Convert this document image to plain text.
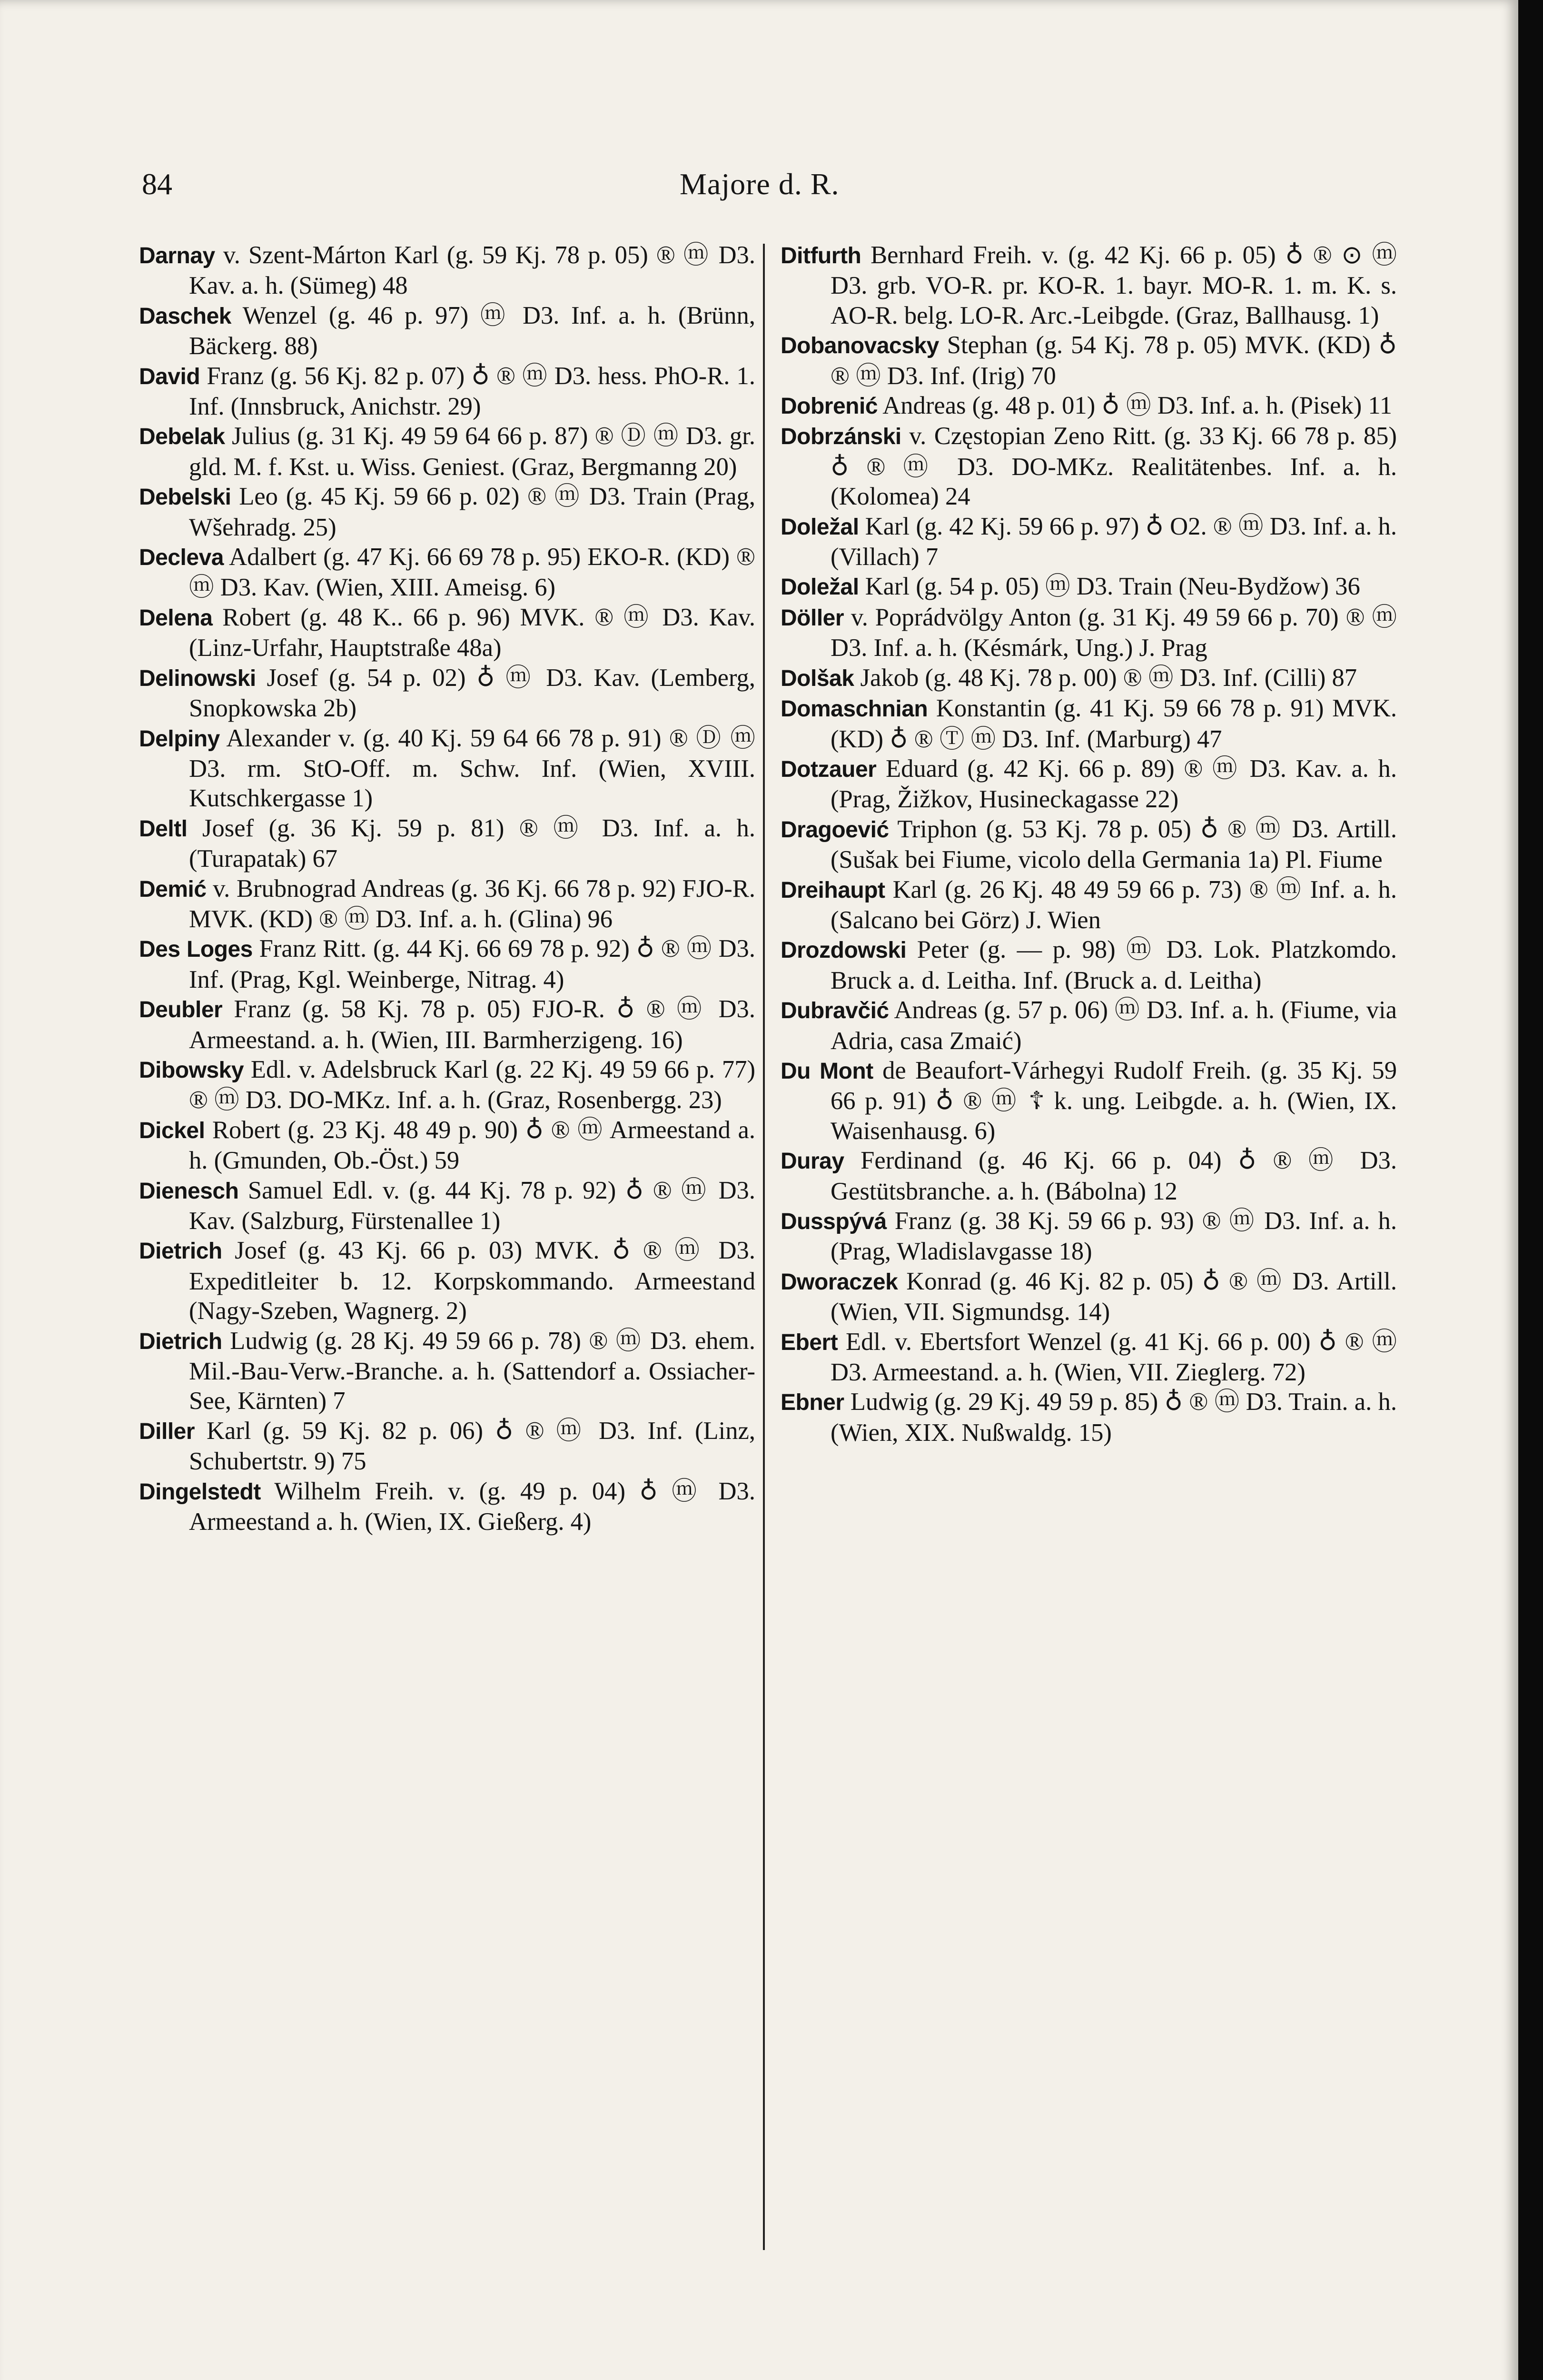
84	Majore d. R.

Darnay v. Szent-Márton Karl (g. 59 Kj. 78 p. 05) ® ⓜ D3. Kav. a. h. (Sümeg) 48

Daschek Wenzel (g. 46 p. 97) ⓜ D3. Inf. a. h. (Brünn, Bäckerg. 88)

David Franz (g. 56 Kj. 82 p. 07) ♁ ® ⓜ D3. hess. PhO-R. 1. Inf. (Innsbruck, Anichstr. 29)

Debelak Julius (g. 31 Kj. 49 59 64 66 p. 87) ® Ⓓ ⓜ D3. gr. gld. M. f. Kst. u. Wiss. Geniest. (Graz, Bergmanng 20)

Debelski Leo (g. 45 Kj. 59 66 p. 02) ® ⓜ D3. Train (Prag, Wšehradg. 25)

Decleva Adalbert (g. 47 Kj. 66 69 78 p. 95) EKO-R. (KD) ® ⓜ D3. Kav. (Wien, XIII. Ameisg. 6)

Delena Robert (g. 48 K.. 66 p. 96) MVK. ® ⓜ D3. Kav. (Linz-Urfahr, Hauptstraße 48a)

Delinowski Josef (g. 54 p. 02) ♁ ⓜ D3. Kav. (Lemberg, Snopkowska 2b)

Delpiny Alexander v. (g. 40 Kj. 59 64 66 78 p. 91) ® Ⓓ ⓜ D3. rm. StO-Off. m. Schw. Inf. (Wien, XVIII. Kutschkergasse 1)

Deltl Josef (g. 36 Kj. 59 p. 81) ® ⓜ D3. Inf. a. h. (Turapatak) 67

Demić v. Brubnograd Andreas (g. 36 Kj. 66 78 p. 92) FJO-R. MVK. (KD) ® ⓜ D3. Inf. a. h. (Glina) 96

Des Loges Franz Ritt. (g. 44 Kj. 66 69 78 p. 92) ♁ ® ⓜ D3. Inf. (Prag, Kgl. Weinberge, Nitrag. 4)

Deubler Franz (g. 58 Kj. 78 p. 05) FJO-R. ♁ ® ⓜ D3. Armeestand. a. h. (Wien, III. Barmherzigeng. 16)

Dibowsky Edl. v. Adelsbruck Karl (g. 22 Kj. 49 59 66 p. 77) ® ⓜ D3. DO-MKz. Inf. a. h. (Graz, Rosenbergg. 23)

Dickel Robert (g. 23 Kj. 48 49 p. 90) ♁ ® ⓜ Armeestand a. h. (Gmunden, Ob.-Öst.) 59

Dienesch Samuel Edl. v. (g. 44 Kj. 78 p. 92) ♁ ® ⓜ D3. Kav. (Salzburg, Fürstenallee 1)

Dietrich Josef (g. 43 Kj. 66 p. 03) MVK. ♁ ® ⓜ D3. Expeditleiter b. 12. Korpskommando. Armeestand (Nagy-Szeben, Wagnerg. 2)

Dietrich Ludwig (g. 28 Kj. 49 59 66 p. 78) ® ⓜ D3. ehem. Mil.-Bau-Verw.-Branche. a. h. (Sattendorf a. Ossiacher-See, Kärnten) 7

Diller Karl (g. 59 Kj. 82 p. 06) ♁ ® ⓜ D3. Inf. (Linz, Schubertstr. 9) 75

Dingelstedt Wilhelm Freih. v. (g. 49 p. 04) ♁ ⓜ D3. Armeestand a. h. (Wien, IX. Gießerg. 4)

Ditfurth Bernhard Freih. v. (g. 42 Kj. 66 p. 05) ♁ ® ⊙ ⓜ D3. grb. VO-R. pr. KO-R. 1. bayr. MO-R. 1. m. K. s. AO-R. belg. LO-R. Arc.-Leibgde. (Graz, Ballhausg. 1)

Dobanovacsky Stephan (g. 54 Kj. 78 p. 05) MVK. (KD) ♁ ® ⓜ D3. Inf. (Irig) 70

Dobrenić Andreas (g. 48 p. 01) ♁ ⓜ D3. Inf. a. h. (Pisek) 11

Dobrzánski v. Częstopian Zeno Ritt. (g. 33 Kj. 66 78 p. 85) ♁ ® ⓜ D3. DO-MKz. Realitätenbes. Inf. a. h. (Kolomea) 24

Doležal Karl (g. 42 Kj. 59 66 p. 97) ♁ O2. ® ⓜ D3. Inf. a. h. (Villach) 7

Doležal Karl (g. 54 p. 05) ⓜ D3. Train (Neu-Bydžow) 36

Döller v. Poprádvölgy Anton (g. 31 Kj. 49 59 66 p. 70) ® ⓜ D3. Inf. a. h. (Késmárk, Ung.) J. Prag

Dolšak Jakob (g. 48 Kj. 78 p. 00) ® ⓜ D3. Inf. (Cilli) 87

Domaschnian Konstantin (g. 41 Kj. 59 66 78 p. 91) MVK. (KD) ♁ ® Ⓣ ⓜ D3. Inf. (Marburg) 47

Dotzauer Eduard (g. 42 Kj. 66 p. 89) ® ⓜ D3. Kav. a. h. (Prag, Žižkov, Husineckagasse 22)

Dragoević Triphon (g. 53 Kj. 78 p. 05) ♁ ® ⓜ D3. Artill. (Sušak bei Fiume, vicolo della Germania 1a) Pl. Fiume

Dreihaupt Karl (g. 26 Kj. 48 49 59 66 p. 73) ® ⓜ Inf. a. h. (Salcano bei Görz) J. Wien

Drozdowski Peter (g. — p. 98) ⓜ D3. Lok. Platzkomdo. Bruck a. d. Leitha. Inf. (Bruck a. d. Leitha)

Dubravčić Andreas (g. 57 p. 06) ⓜ D3. Inf. a. h. (Fiume, via Adria, casa Zmaić)

Du Mont de Beaufort-Várhegyi Rudolf Freih. (g. 35 Kj. 59 66 p. 91) ♁ ® ⓜ ☦ k. ung. Leibgde. a. h. (Wien, IX. Waisenhausg. 6)

Duray Ferdinand (g. 46 Kj. 66 p. 04) ♁ ® ⓜ D3. Gestütsbranche. a. h. (Bábolna) 12

Dusspývá Franz (g. 38 Kj. 59 66 p. 93) ® ⓜ D3. Inf. a. h. (Prag, Wladislavgasse 18)

Dworaczek Konrad (g. 46 Kj. 82 p. 05) ♁ ® ⓜ D3. Artill. (Wien, VII. Sigmundsg. 14)

Ebert Edl. v. Ebertsfort Wenzel (g. 41 Kj. 66 p. 00) ♁ ® ⓜ D3. Armeestand. a. h. (Wien, VII. Zieglerg. 72)

Ebner Ludwig (g. 29 Kj. 49 59 p. 85) ♁ ® ⓜ D3. Train. a. h. (Wien, XIX. Nußwaldg. 15)
